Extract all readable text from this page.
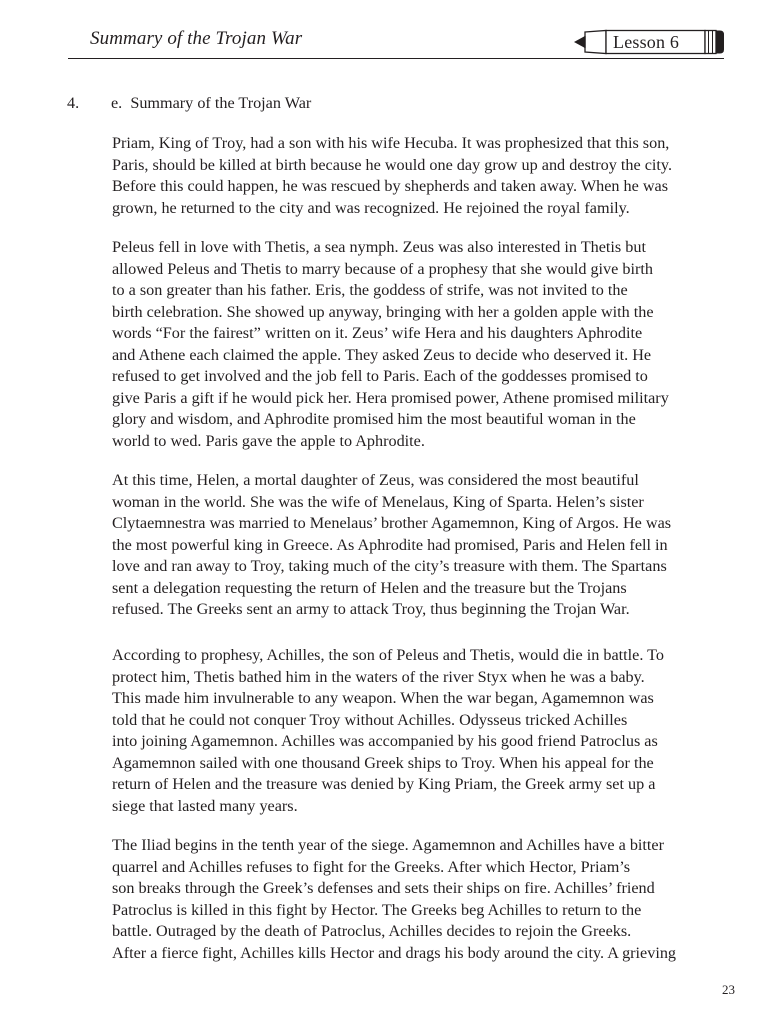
Summary of the Trojan War	Lesson 6
4. e. Summary of the Trojan War
Priam, King of Troy, had a son with his wife Hecuba. It was prophesized that this son,
Paris, should be killed at birth because he would one day grow up and destroy the city.
Before this could happen, he was rescued by shepherds and taken away. When he was
grown, he returned to the city and was recognized. He rejoined the royal family.
Peleus fell in love with Thetis, a sea nymph. Zeus was also interested in Thetis but
allowed Peleus and Thetis to marry because of a prophesy that she would give birth
to a son greater than his father. Eris, the goddess of strife, was not invited to the
birth celebration. She showed up anyway, bringing with her a golden apple with the
words “For the fairest” written on it. Zeus’ wife Hera and his daughters Aphrodite
and Athene each claimed the apple. They asked Zeus to decide who deserved it. He
refused to get involved and the job fell to Paris. Each of the goddesses promised to
give Paris a gift if he would pick her. Hera promised power, Athene promised military
glory and wisdom, and Aphrodite promised him the most beautiful woman in the
world to wed. Paris gave the apple to Aphrodite.
At this time, Helen, a mortal daughter of Zeus, was considered the most beautiful
woman in the world. She was the wife of Menelaus, King of Sparta. Helen’s sister
Clytaemnestra was married to Menelaus’ brother Agamemnon, King of Argos. He was
the most powerful king in Greece. As Aphrodite had promised, Paris and Helen fell in
love and ran away to Troy, taking much of the city’s treasure with them. The Spartans
sent a delegation requesting the return of Helen and the treasure but the Trojans
refused. The Greeks sent an army to attack Troy, thus beginning the Trojan War.
According to prophesy, Achilles, the son of Peleus and Thetis, would die in battle. To
protect him, Thetis bathed him in the waters of the river Styx when he was a baby.
This made him invulnerable to any weapon. When the war began, Agamemnon was
told that he could not conquer Troy without Achilles. Odysseus tricked Achilles
into joining Agamemnon. Achilles was accompanied by his good friend Patroclus as
Agamemnon sailed with one thousand Greek ships to Troy. When his appeal for the
return of Helen and the treasure was denied by King Priam, the Greek army set up a
siege that lasted many years.
The Iliad begins in the tenth year of the siege. Agamemnon and Achilles have a bitter
quarrel and Achilles refuses to fight for the Greeks. After which Hector, Priam’s
son breaks through the Greek’s defenses and sets their ships on fire. Achilles’ friend
Patroclus is killed in this fight by Hector. The Greeks beg Achilles to return to the
battle. Outraged by the death of Patroclus, Achilles decides to rejoin the Greeks.
After a fierce fight, Achilles kills Hector and drags his body around the city. A grieving
23
